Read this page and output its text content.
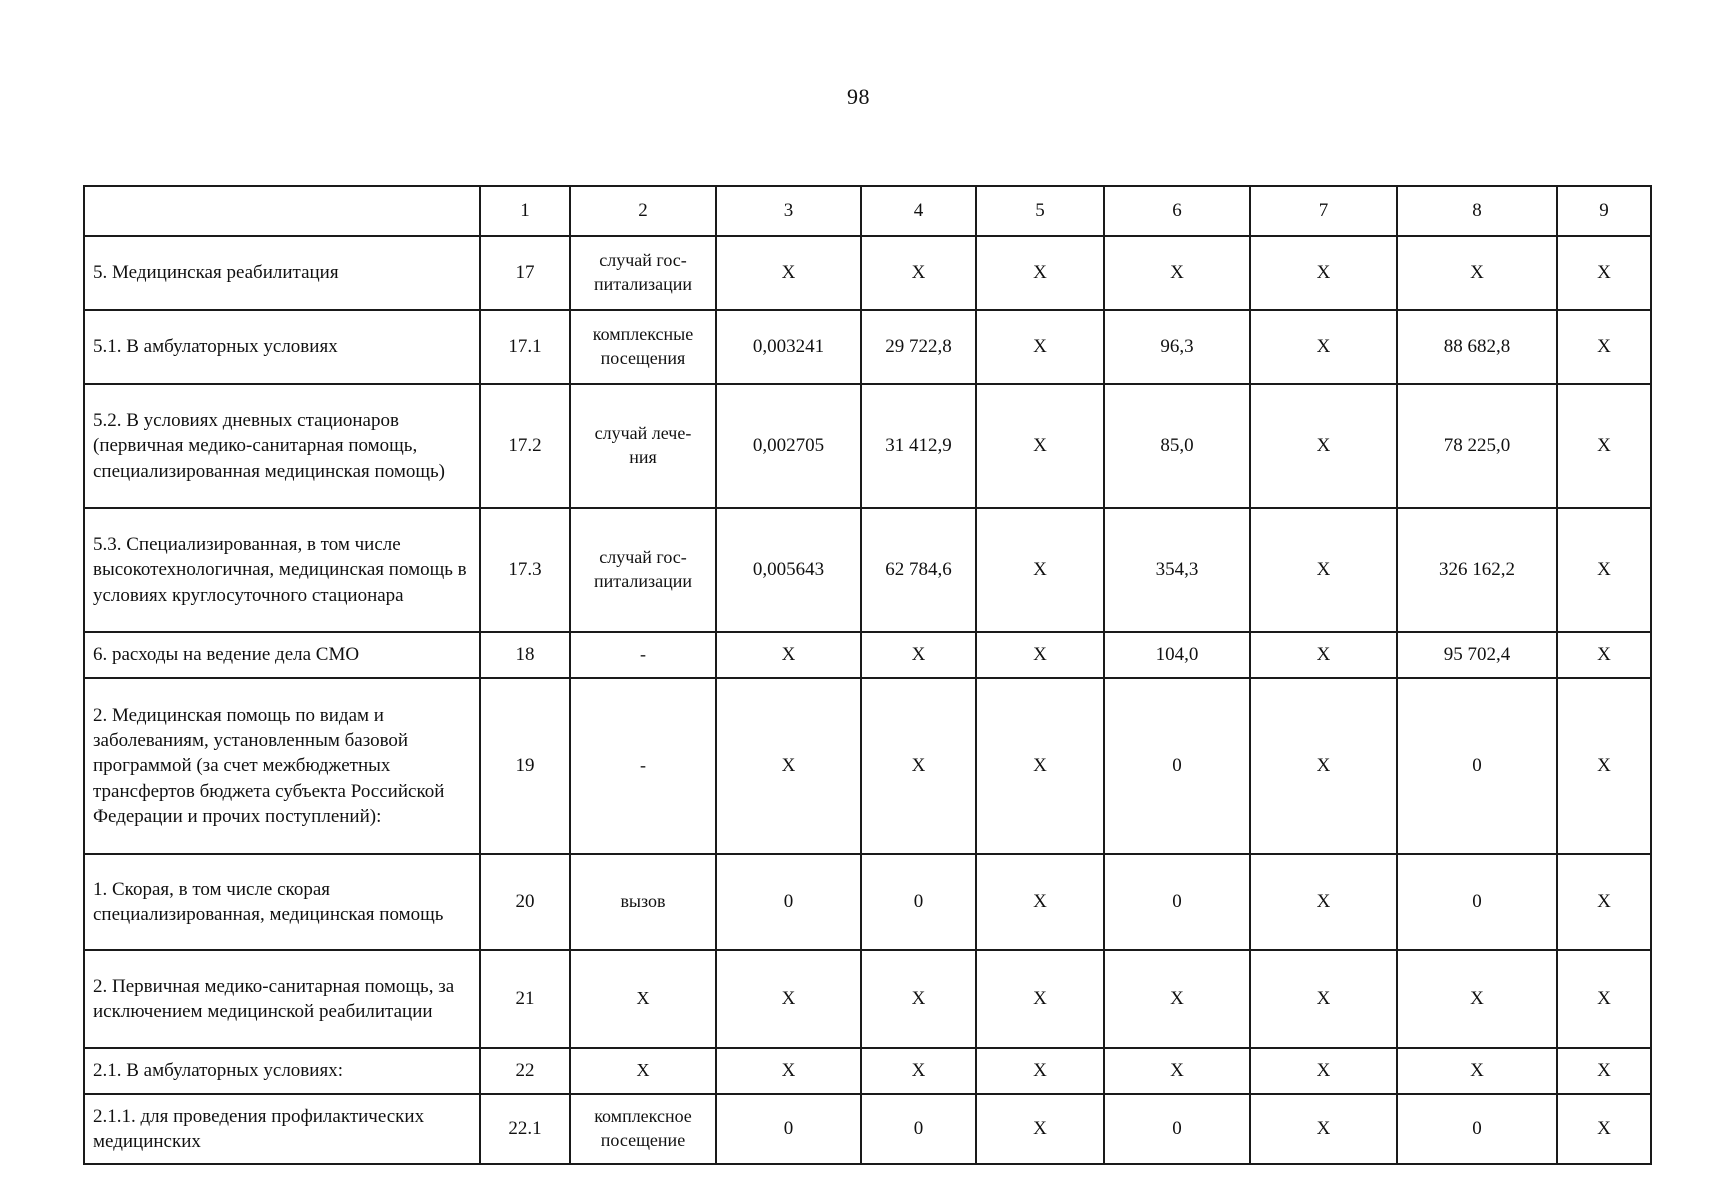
98
	1	2	3	4	5	6	7	8	9
5. Медицинская реабилитация	17	случай гос-
питализации	Х	Х	Х	Х	Х	Х	Х
5.1. В амбулаторных условиях	17.1	комплексные
посещения	0,003241	29 722,8	Х	96,3	Х	88 682,8	Х
5.2. В условиях дневных стационаров (первичная медико-санитарная помощь, специализированная медицинская помощь)	17.2	случай лече-
ния	0,002705	31 412,9	Х	85,0	Х	78 225,0	Х
5.3. Специализированная, в том числе высокотехнологичная, медицинская помощь в условиях круглосуточного стационара	17.3	случай гос-
питализации	0,005643	62 784,6	Х	354,3	Х	326 162,2	Х
6. расходы на ведение дела СМО	18	-	Х	Х	Х	104,0	Х	95 702,4	Х
2. Медицинская помощь по видам и заболеваниям, установленным базовой программой (за счет межбюджетных трансфертов бюджета субъекта Российской Федерации и прочих поступлений):	19	-	Х	Х	Х	0	Х	0	Х
1. Скорая, в том числе скорая специализированная, медицинская помощь	20	вызов	0	0	Х	0	Х	0	Х
2. Первичная медико-санитарная помощь, за исключением медицинской реабилитации	21	Х	Х	Х	Х	Х	Х	Х	Х
2.1. В амбулаторных условиях:	22	Х	Х	Х	Х	Х	Х	Х	Х
2.1.1. для проведения профилактических медицинских	22.1	комплексное
посещение	0	0	Х	0	Х	0	Х
